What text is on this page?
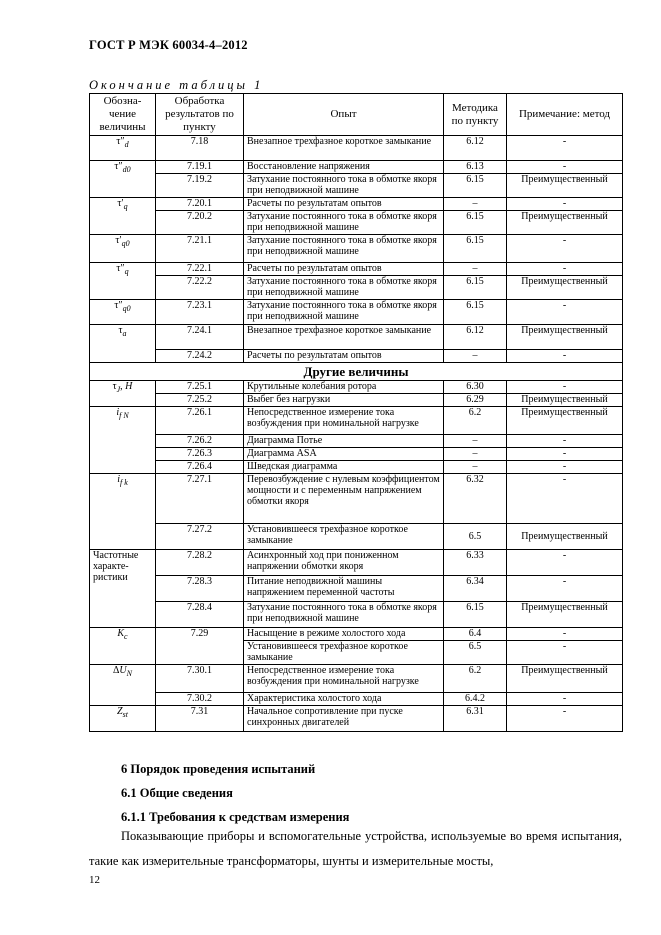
ГОСТ Р МЭК 60034-4–2012
Окончание таблицы 1
Обозна-чение величины	Обработка результатов по пункту	Опыт	Методика по пункту	Примечание: метод
$\tau''_d$	7.18	Внезапное трехфазное короткое замыкание	6.12	-
$\tau''_{d0}$	7.19.1	Восстановление напряжения	6.13	-
	7.19.2	Затухание постоянного тока в обмотке якоря при неподвижной машине	6.15	Преимущественный
$\tau'_q$	7.20.1	Расчеты по результатам опытов	–	-
	7.20.2	Затухание постоянного тока в обмотке якоря при неподвижной машине	6.15	Преимущественный
$\tau'_{q0}$	7.21.1	Затухание постоянного тока в обмотке якоря при неподвижной машине	6.15	-
$\tau''_q$	7.22.1	Расчеты по результатам опытов	–	-
	7.22.2	Затухание постоянного тока в обмотке якоря при неподвижной машине	6.15	Преимущественный
$\tau''_{q0}$	7.23.1	Затухание постоянного тока в обмотке якоря при неподвижной машине	6.15	-
$\tau_a$	7.24.1	Внезапное трехфазное короткое замыкание	6.12	Преимущественный
	7.24.2	Расчеты по результатам опытов	–	-
Другие величины				
$\tau_J$, H	7.25.1	Крутильные колебания ротора	6.30	-
	7.25.2	Выбег без нагрузки	6.29	Преимущественный
$i_{f N}$	7.26.1	Непосредственное измерение тока возбуждения при номинальной нагрузке	6.2	Преимущественный
	7.26.2	Диаграмма Потье	–	-
	7.26.3	Диаграмма ASA	–	-
	7.26.4	Шведская диаграмма	–	-
$i_{f k}$	7.27.1	Перевозбуждение с нулевым коэффициентом мощности и с переменным напряжением обмотки якоря	6.32	-
	7.27.2	Установившееся трехфазное короткое замыкание	6.5	Преимущественный
Частотные характе-ристики	7.28.2	Асинхронный ход при пониженном напряжении обмотки якоря	6.33	-
	7.28.3	Питание неподвижной машины напряжением переменной частоты	6.34	-
	7.28.4	Затухание постоянного тока в обмотке якоря при неподвижной машине	6.15	Преимущественный
$K_c$	7.29	Насыщение в режиме холостого хода	6.4	-
		Установившееся трехфазное короткое замыкание	6.5	-
$\Delta U_N$	7.30.1	Непосредственное измерение тока возбуждения при номинальной нагрузке	6.2	Преимущественный
	7.30.2	Характеристика холостого хода	6.4.2	-
$Z_{st}$	7.31	Начальное сопротивление при пуске синхронных двигателей	6.31	-
6 Порядок проведения испытаний
6.1 Общие сведения
6.1.1 Требования к средствам измерения
Показывающие приборы и вспомогательные устройства, используемые во время испытания, такие как измерительные трансформаторы, шунты и измерительные мосты,
12
